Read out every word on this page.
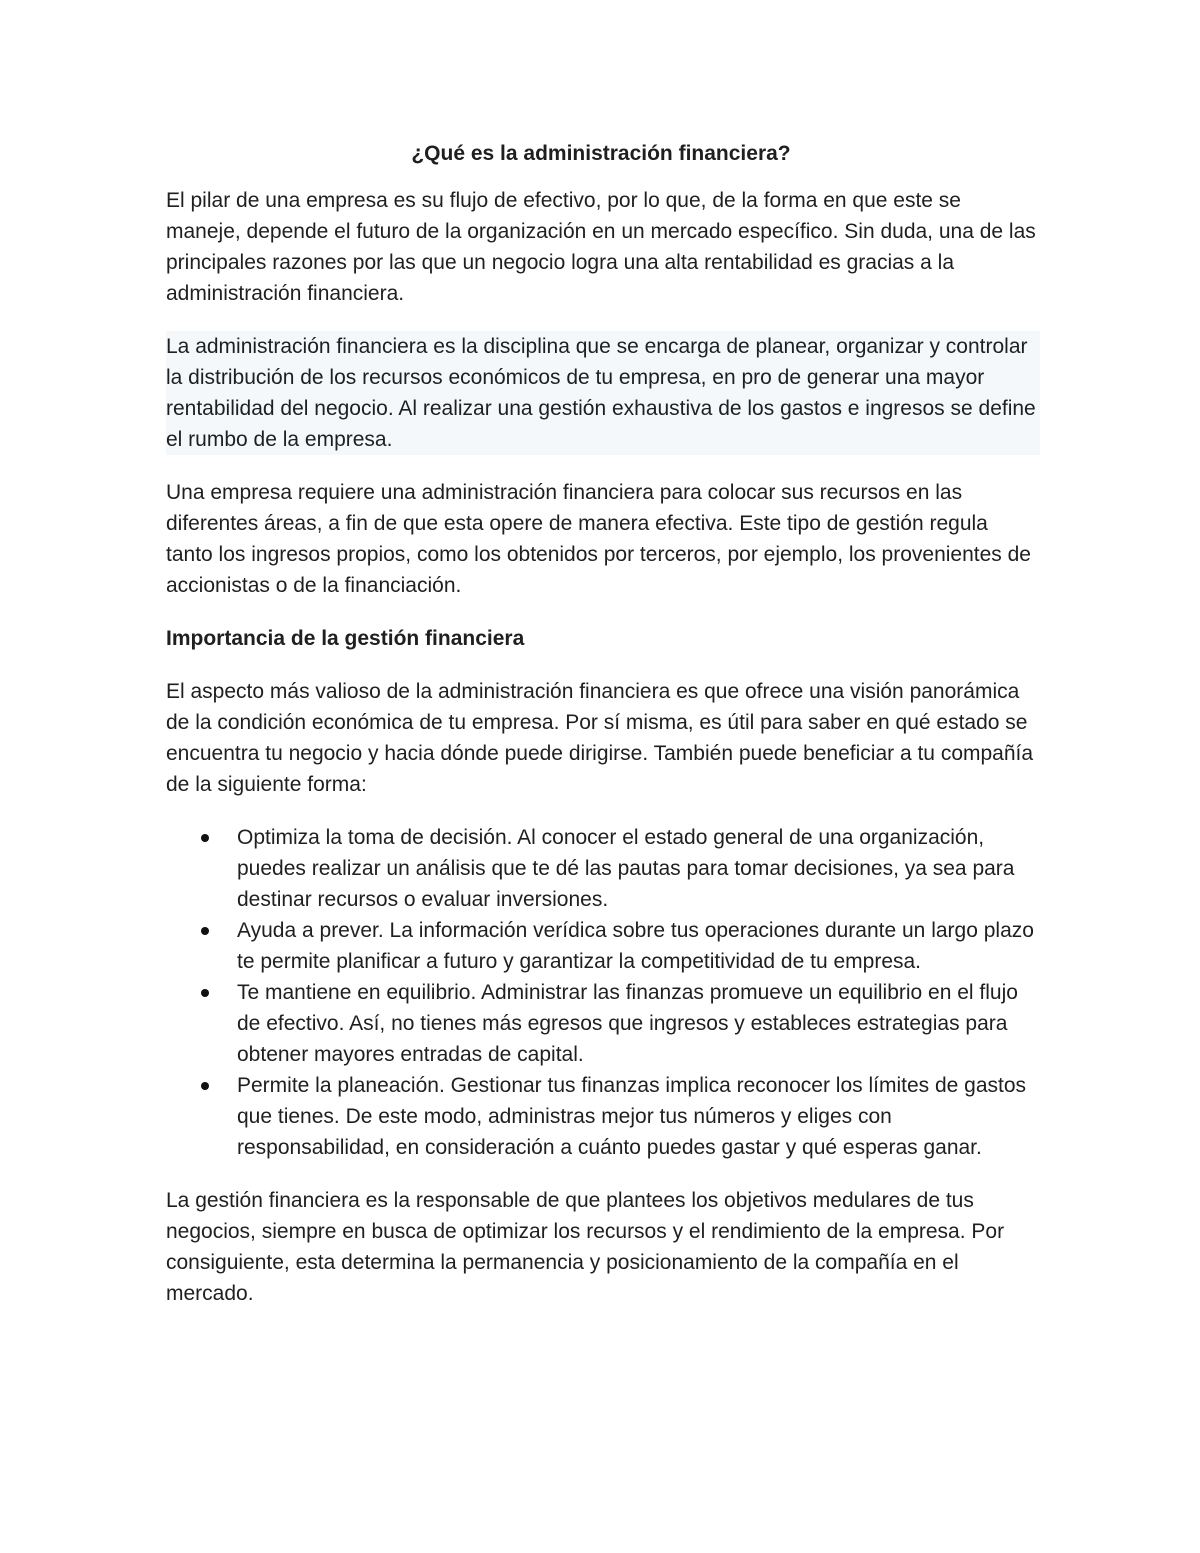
¿Qué es la administración financiera?

El pilar de una empresa es su flujo de efectivo, por lo que, de la forma en que este se maneje, depende el futuro de la organización en un mercado específico. Sin duda, una de las principales razones por las que un negocio logra una alta rentabilidad es gracias a la administración financiera.

La administración financiera es la disciplina que se encarga de planear, organizar y controlar la distribución de los recursos económicos de tu empresa, en pro de generar una mayor rentabilidad del negocio. Al realizar una gestión exhaustiva de los gastos e ingresos se define el rumbo de la empresa.

Una empresa requiere una administración financiera para colocar sus recursos en las diferentes áreas, a fin de que esta opere de manera efectiva. Este tipo de gestión regula tanto los ingresos propios, como los obtenidos por terceros, por ejemplo, los provenientes de accionistas o de la financiación.

Importancia de la gestión financiera

El aspecto más valioso de la administración financiera es que ofrece una visión panorámica de la condición económica de tu empresa. Por sí misma, es útil para saber en qué estado se encuentra tu negocio y hacia dónde puede dirigirse. También puede beneficiar a tu compañía de la siguiente forma:

Optimiza la toma de decisión. Al conocer el estado general de una organización, puedes realizar un análisis que te dé las pautas para tomar decisiones, ya sea para destinar recursos o evaluar inversiones.
Ayuda a prever. La información verídica sobre tus operaciones durante un largo plazo te permite planificar a futuro y garantizar la competitividad de tu empresa.
Te mantiene en equilibrio. Administrar las finanzas promueve un equilibrio en el flujo de efectivo. Así, no tienes más egresos que ingresos y estableces estrategias para obtener mayores entradas de capital.
Permite la planeación. Gestionar tus finanzas implica reconocer los límites de gastos que tienes. De este modo, administras mejor tus números y eliges con responsabilidad, en consideración a cuánto puedes gastar y qué esperas ganar.

La gestión financiera es la responsable de que plantees los objetivos medulares de tus negocios, siempre en busca de optimizar los recursos y el rendimiento de la empresa. Por consiguiente, esta determina la permanencia y posicionamiento de la compañía en el mercado.
